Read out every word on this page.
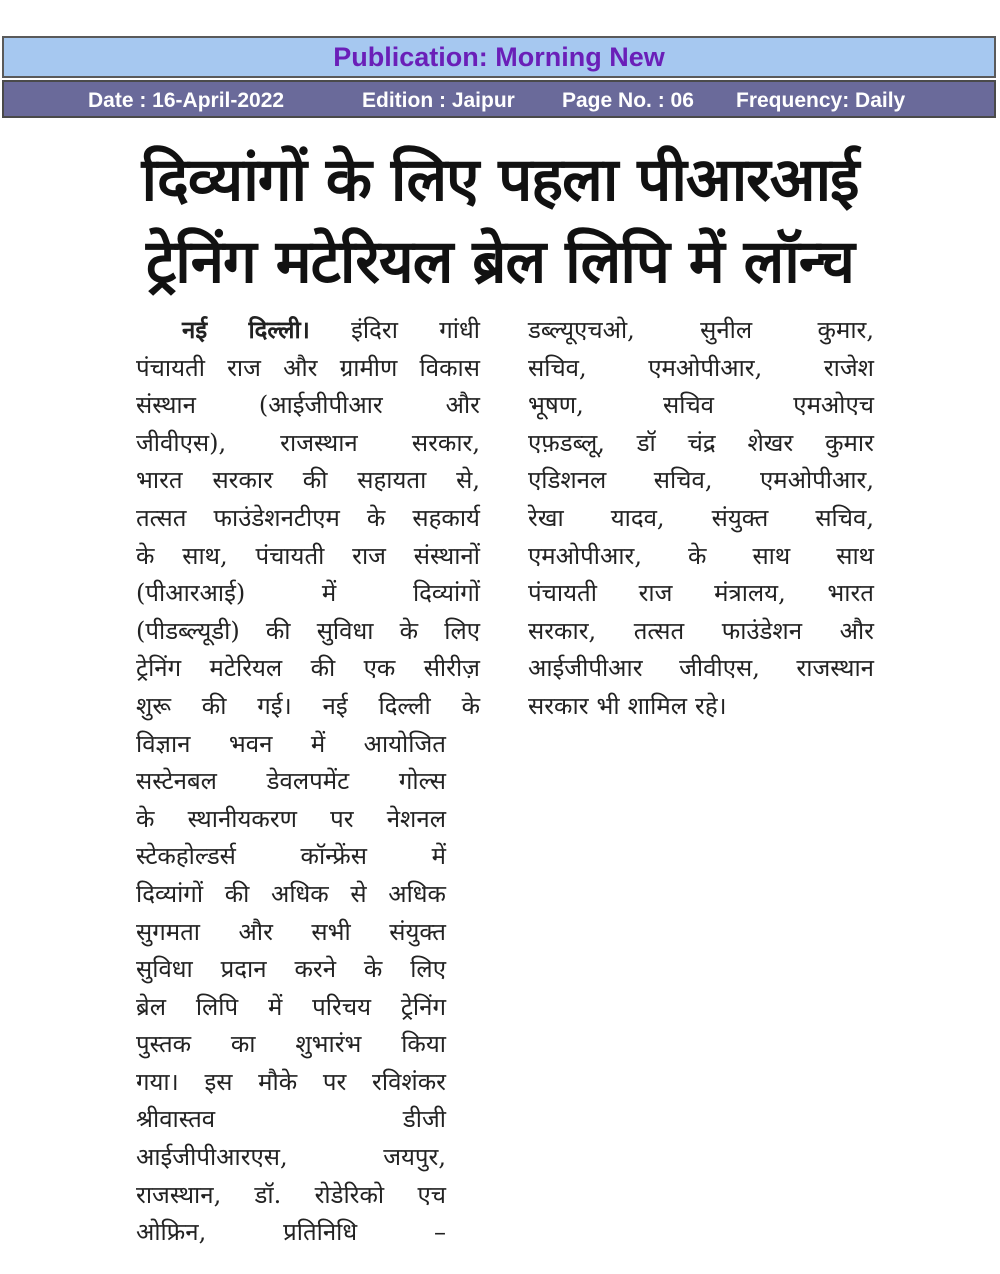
Publication: Morning New
Date : 16-April-2022	Edition : Jaipur Page No. : 06 Frequency: Daily
दिव्यांगों के लिए पहला पीआरआई
ट्रेनिंग मटेरियल ब्रेल लिपि में लॉन्च
नई दिल्ली। इंदिरा गांधी
पंचायती राज और ग्रामीण विकास
संस्थान	(आईजीपीआर	और
जीवीएस), राजस्थान सरकार,
भारत सरकार की सहायता से,
तत्सत फाउंडेशनटीएम के सहकार्य
के साथ, पंचायती राज संस्थानों
(पीआरआई)	में	दिव्यांगों
(पीडब्ल्यूडी) की सुविधा के लिए
ट्रेनिंग मटेरियल की एक सीरीज़
शुरू की गई। नई दिल्ली के
विज्ञान भवन में आयोजित
सस्टेनबल डेवलपमेंट गोल्स
के स्थानीयकरण पर नेशनल
स्टेकहोल्डर्स	कॉन्फ्रेंस	में
दिव्यांगों की अधिक से अधिक
सुगमता और सभी संयुक्त
सुविधा प्रदान करने के लिए
ब्रेल लिपि में परिचय ट्रेनिंग
पुस्तक का शुभारंभ किया
गया। इस मौके पर रविशंकर
श्रीवास्तव	डीजी
आईजीपीआरएस,	जयपुर,
राजस्थान, डॉ. रोडेरिको एच
ओफ्रिन,	प्रतिनिधि	–
डब्ल्यूएचओ,	सुनील	कुमार,
सचिव,	एमओपीआर,	राजेश
भूषण,	सचिव	एमओएच
एफ़डब्लू, डॉ चंद्र शेखर कुमार
एडिशनल सचिव, एमओपीआर,
रेखा यादव, संयुक्त सचिव,
एमओपीआर, के साथ साथ
पंचायती राज मंत्रालय, भारत
सरकार, तत्सत फाउंडेशन और
आईजीपीआर जीवीएस, राजस्थान
सरकार भी शामिल रहे।
